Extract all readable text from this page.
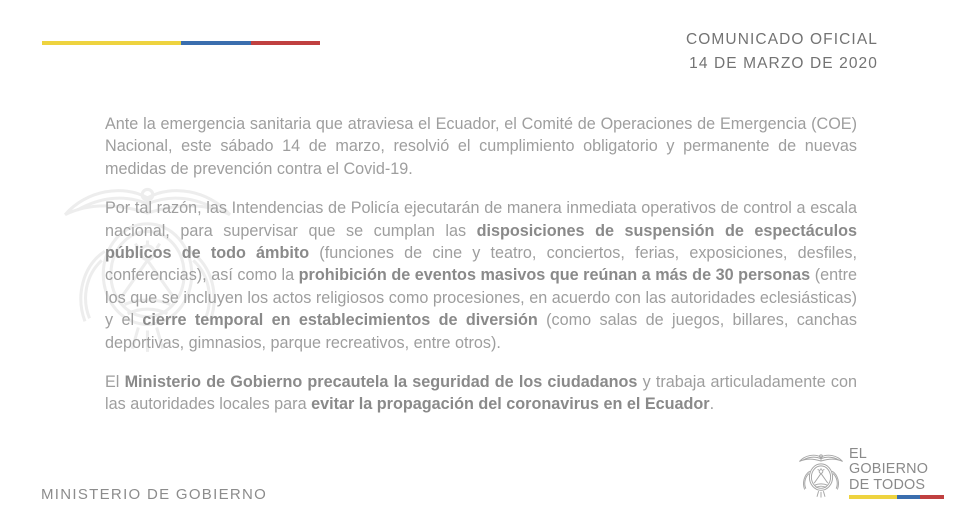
COMUNICADO OFICIAL
14 DE MARZO DE 2020

Ante la emergencia sanitaria que atraviesa el Ecuador, el Comité de Operaciones de Emergencia (COE) Nacional, este sábado 14 de marzo, resolvió el cumplimiento obligatorio y permanente de nuevas medidas de prevención contra el Covid-19.

Por tal razón, las Intendencias de Policía ejecutarán de manera inmediata operativos de control a escala nacional, para supervisar que se cumplan las disposiciones de suspensión de espectáculos públicos de todo ámbito (funciones de cine y teatro, conciertos, ferias, exposiciones, desfiles, conferencias), así como la prohibición de eventos masivos que reúnan a más de 30 personas (entre los que se incluyen los actos religiosos como procesiones, en acuerdo con las autoridades eclesiásticas) y el cierre temporal en establecimientos de diversión (como salas de juegos, billares, canchas deportivas, gimnasios, parque recreativos, entre otros).

El Ministerio de Gobierno precautela la seguridad de los ciudadanos y trabaja articuladamente con las autoridades locales para evitar la propagación del coronavirus en el Ecuador.

MINISTERIO DE GOBIERNO
EL
GOBIERNO
DE TODOS
